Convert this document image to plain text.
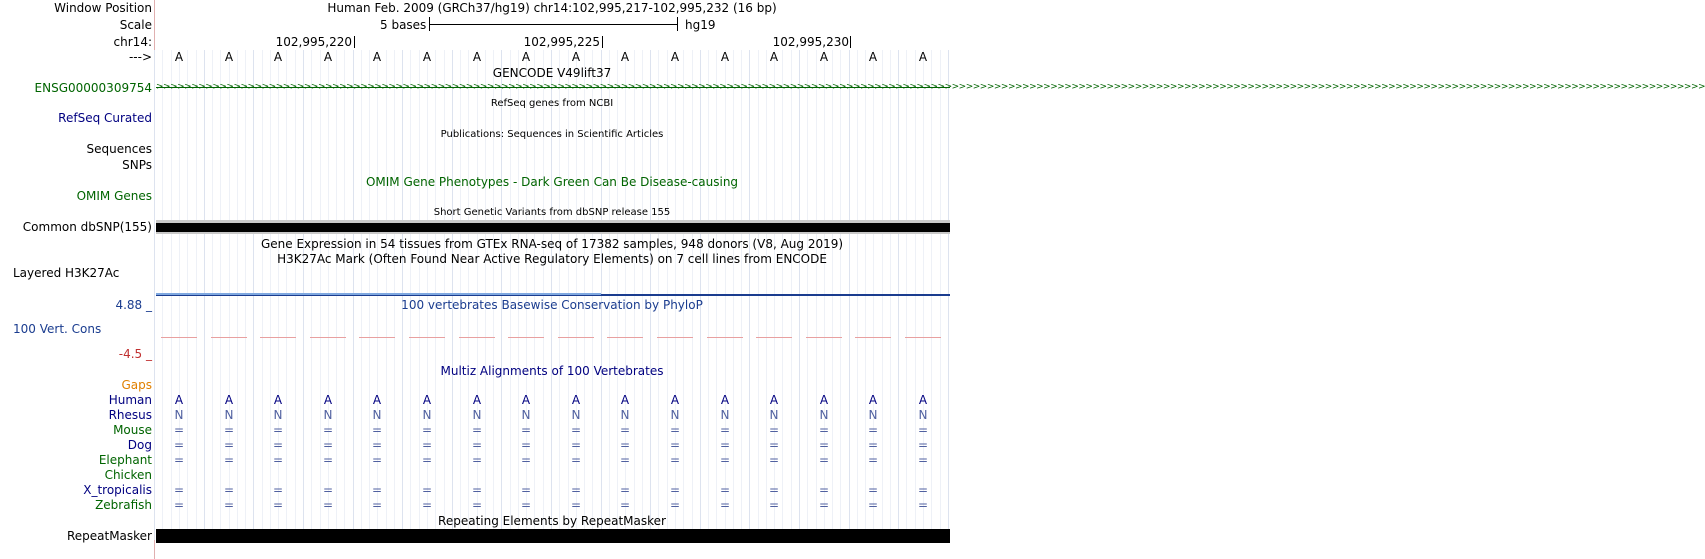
Window Position	Human Feb. 2009 (GRCh37/hg19) chr14:102,995,217-102,995,232 (16 bp)
Scale	5 bases	hg19
chr14:	102,995,220	102,995,225	102,995,230
--->	A	A	A	A	A	A	A	A	A	A	A	A	A	A	A	A
GENCODE V49lift37
ENSG00000309754 >>>>>>>>>>>>>>>>>>>>>>>>>>>>>>>>>>>>>>>>>>>>>>>>>>>>>>>>>>>>>>>>>>>>>>>>>>>>>>>>>>>>>>>>>>>>>>>>>>>>>>>>>>>>>>>>>>>>>>>>>>>>>>>>>>>>>>>>>>>>>>>>>>>>>>>>>>>>>>>>>>>>>>>>>>>>>>>>>>>>>>>>>>>>>>>>>>>>>>>>>>>>>>>>>>>>>>>>>>>>
RefSeq genes from NCBI
RefSeq Curated
Publications: Sequences in Scientific Articles
Sequences
SNPs
OMIM Gene Phenotypes - Dark Green Can Be Disease-causing
OMIM Genes
Short Genetic Variants from dbSNP release 155
Common dbSNP(155)
Gene Expression in 54 tissues from GTEx RNA-seq of 17382 samples, 948 donors (V8, Aug 2019)
H3K27Ac Mark (Often Found Near Active Regulatory Elements) on 7 cell lines from ENCODE
Layered H3K27Ac
4.88 _	100 vertebrates Basewise Conservation by PhyloP
100 Vert. Cons
-4.5 _
Multiz Alignments of 100 Vertebrates
Gaps
Human	A	A	A	A	A	A	A	A	A	A	A	A	A	A	A	A
Rhesus	N	N	N	N	N	N	N	N	N	N	N	N	N	N	N	N
Mouse	=	=	=	=	=	=	=	=	=	=	=	=	=	=	=	=
Dog	=	=	=	=	=	=	=	=	=	=	=	=	=	=	=	=
Elephant	=	=	=	=	=	=	=	=	=	=	=	=	=	=	=	=
Chicken
X_tropicalis	=	=	=	=	=	=	=	=	=	=	=	=	=	=	=	=
Zebrafish	=	=	=	=	=	=	=	=	=	=	=	=	=	=	=	=
Repeating Elements by RepeatMasker
RepeatMasker
